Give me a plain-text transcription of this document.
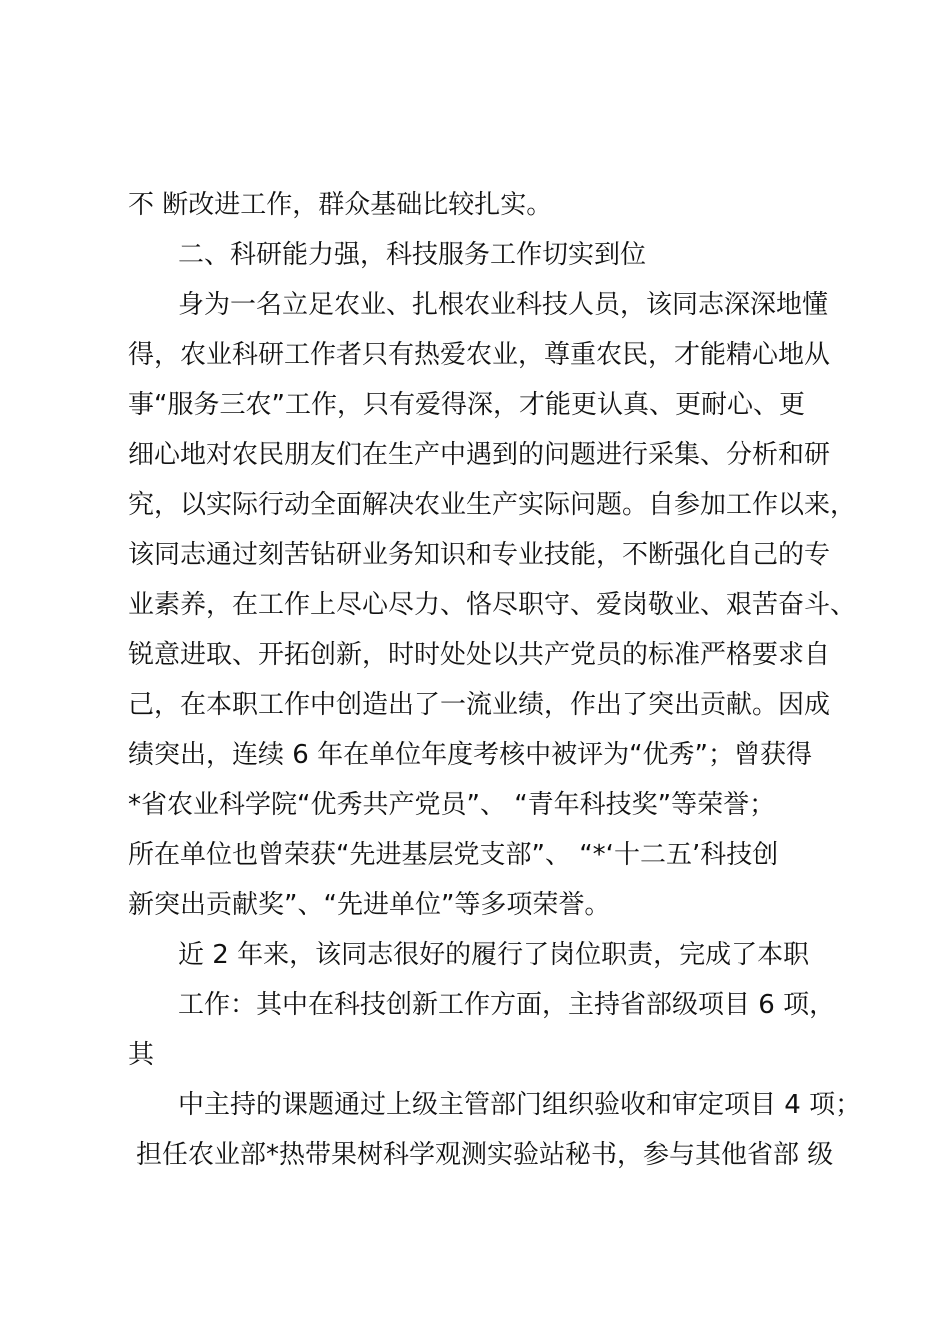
不 断改进工作，群众基础比较扎实。
二、科研能力强，科技服务工作切实到位
身为一名立足农业、扎根农业科技人员，该同志深深地懂
得，农业科研工作者只有热爱农业，尊重农民，才能精心地从
事“服务三农”工作，只有爱得深，才能更认真、更耐心、更
细心地对农民朋友们在生产中遇到的问题进行采集、分析和研
究，以实际行动全面解决农业生产实际问题。自参加工作以来，
该同志通过刻苦钻研业务知识和专业技能，不断强化自己的专
业素养，在工作上尽心尽力、恪尽职守、爱岗敬业、艰苦奋斗、
锐意进取、开拓创新，时时处处以共产党员的标准严格要求自
己，在本职工作中创造出了一流业绩，作出了突出贡献。因成
绩突出，连续 6 年在单位年度考核中被评为“优秀”；曾获得
*省农业科学院“优秀共产党员”、 “青年科技奖”等荣誉；
所在单位也曾荣获“先进基层党支部”、 “*‘十二五’科技创
新突出贡献奖”、“先进单位”等多项荣誉。
近 2 年来，该同志很好的履行了岗位职责，完成了本职
工作：其中在科技创新工作方面，主持省部级项目 6 项，
其
中主持的课题通过上级主管部门组织验收和审定项目 4 项；
担任农业部*热带果树科学观测实验站秘书，参与其他省部 级
